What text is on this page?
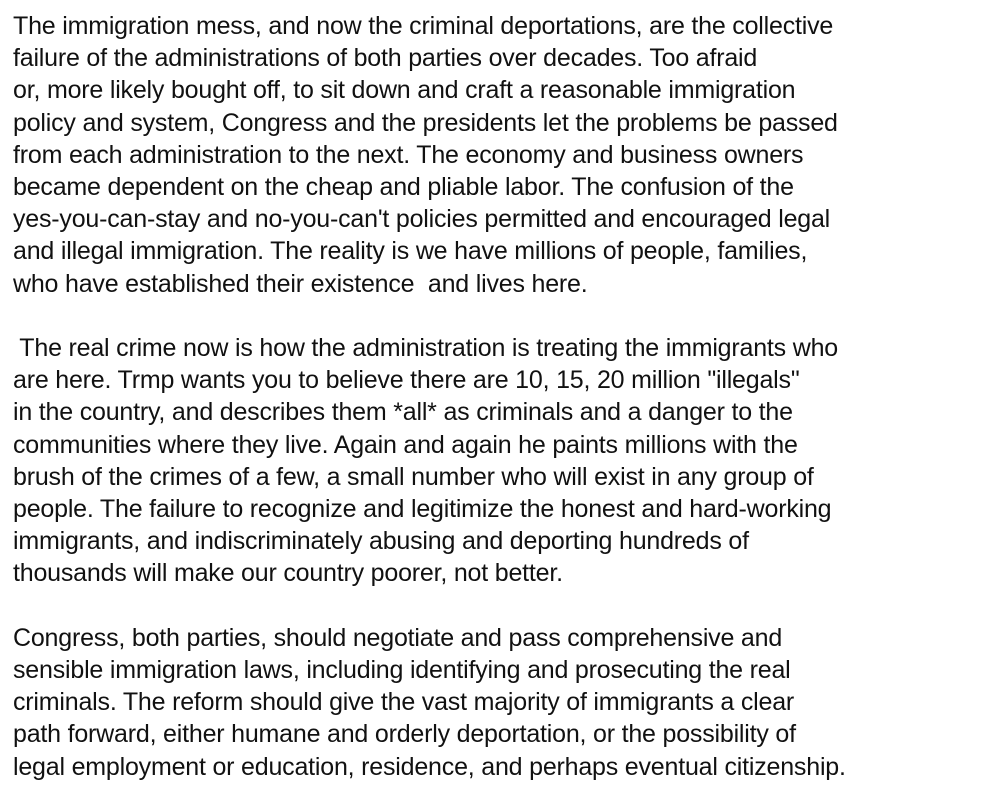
The immigration mess, and now the criminal deportations, are the collective
failure of the administrations of both parties over decades. Too afraid
or, more likely bought off, to sit down and craft a reasonable immigration
policy and system, Congress and the presidents let the problems be passed
from each administration to the next. The economy and business owners
became dependent on the cheap and pliable labor. The confusion of the
yes-you-can-stay and no-you-can't policies permitted and encouraged legal
and illegal immigration. The reality is we have millions of people, families,
who have established their existence  and lives here.

The real crime now is how the administration is treating the immigrants who
are here. Trmp wants you to believe there are 10, 15, 20 million "illegals"
in the country, and describes them *all* as criminals and a danger to the
communities where they live. Again and again he paints millions with the
brush of the crimes of a few, a small number who will exist in any group of
people. The failure to recognize and legitimize the honest and hard-working
immigrants, and indiscriminately abusing and deporting hundreds of
thousands will make our country poorer, not better.

Congress, both parties, should negotiate and pass comprehensive and
sensible immigration laws, including identifying and prosecuting the real
criminals. The reform should give the vast majority of immigrants a clear
path forward, either humane and orderly deportation, or the possibility of
legal employment or education, residence, and perhaps eventual citizenship.
